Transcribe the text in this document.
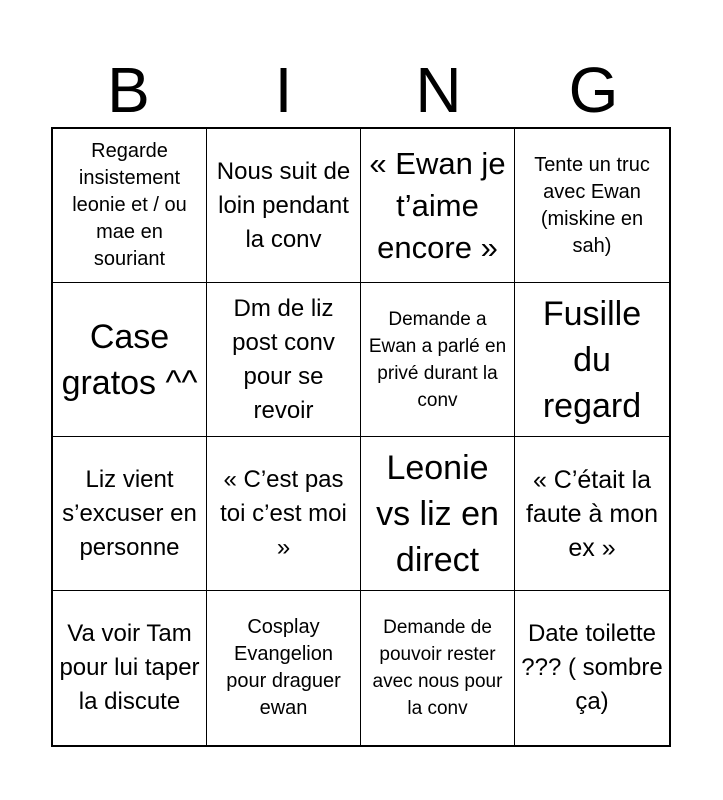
B	I	N	G
Regarde insistement leonie et / ou mae en souriant
Nous suit de loin pendant la conv
« Ewan je t’aime encore »
Tente un truc avec Ewan (miskine en sah)
Case gratos ^^
Dm de liz post conv pour se revoir
Demande a Ewan a parlé en privé durant la conv
Fusille du regard
Liz vient s’excuser en personne
« C’est pas toi c’est moi »
Leonie vs liz en direct
« C’était la faute à mon ex »
Va voir Tam pour lui taper la discute
Cosplay Evangelion pour draguer ewan
Demande de pouvoir rester avec nous pour la conv
Date toilette ??? ( sombre ça)
